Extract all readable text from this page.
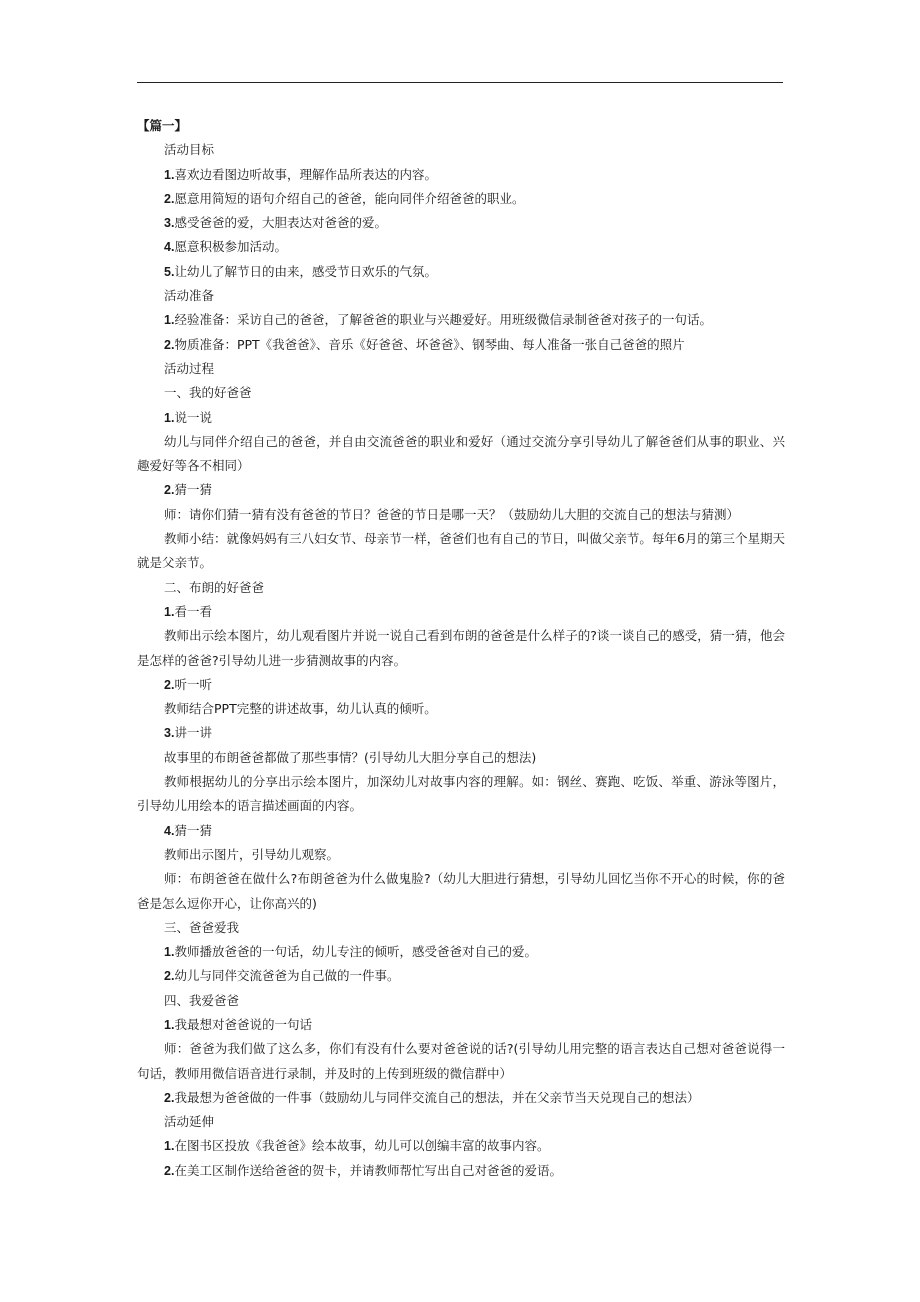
【篇一】
活动目标
1.喜欢边看图边听故事，理解作品所表达的内容。
2.愿意用简短的语句介绍自己的爸爸，能向同伴介绍爸爸的职业。
3.感受爸爸的爱，大胆表达对爸爸的爱。
4.愿意积极参加活动。
5.让幼儿了解节日的由来，感受节日欢乐的气氛。
活动准备
1.经验准备：采访自己的爸爸，了解爸爸的职业与兴趣爱好。用班级微信录制爸爸对孩子的一句话。
2.物质准备：PPT《我爸爸》、音乐《好爸爸、坏爸爸》、钢琴曲、每人准备一张自己爸爸的照片
活动过程
一、我的好爸爸
1.说一说
幼儿与同伴介绍自己的爸爸，并自由交流爸爸的职业和爱好（通过交流分享引导幼儿了解爸爸们从事的职业、兴趣爱好等各不相同）
2.猜一猜
师：请你们猜一猜有没有爸爸的节日？爸爸的节日是哪一天？（鼓励幼儿大胆的交流自己的想法与猜测）
教师小结：就像妈妈有三八妇女节、母亲节一样，爸爸们也有自己的节日，叫做父亲节。每年6月的第三个星期天就是父亲节。
二、布朗的好爸爸
1.看一看
教师出示绘本图片，幼儿观看图片并说一说自己看到布朗的爸爸是什么样子的?谈一谈自己的感受，猜一猜，他会是怎样的爸爸?引导幼儿进一步猜测故事的内容。
2.听一听
教师结合PPT完整的讲述故事，幼儿认真的倾听。
3.讲一讲
故事里的布朗爸爸都做了那些事情？(引导幼儿大胆分享自己的想法)
教师根据幼儿的分享出示绘本图片，加深幼儿对故事内容的理解。如：钢丝、赛跑、吃饭、举重、游泳等图片，引导幼儿用绘本的语言描述画面的内容。
4.猜一猜
教师出示图片，引导幼儿观察。
师：布朗爸爸在做什么?布朗爸爸为什么做鬼脸?（幼儿大胆进行猜想，引导幼儿回忆当你不开心的时候，你的爸爸是怎么逗你开心，让你高兴的)
三、爸爸爱我
1.教师播放爸爸的一句话，幼儿专注的倾听，感受爸爸对自己的爱。
2.幼儿与同伴交流爸爸为自己做的一件事。
四、我爱爸爸
1.我最想对爸爸说的一句话
师：爸爸为我们做了这么多，你们有没有什么要对爸爸说的话?(引导幼儿用完整的语言表达自己想对爸爸说得一句话，教师用微信语音进行录制，并及时的上传到班级的微信群中）
2.我最想为爸爸做的一件事（鼓励幼儿与同伴交流自己的想法，并在父亲节当天兑现自己的想法）
活动延伸
1.在图书区投放《我爸爸》绘本故事，幼儿可以创编丰富的故事内容。
2.在美工区制作送给爸爸的贺卡，并请教师帮忙写出自己对爸爸的爱语。
